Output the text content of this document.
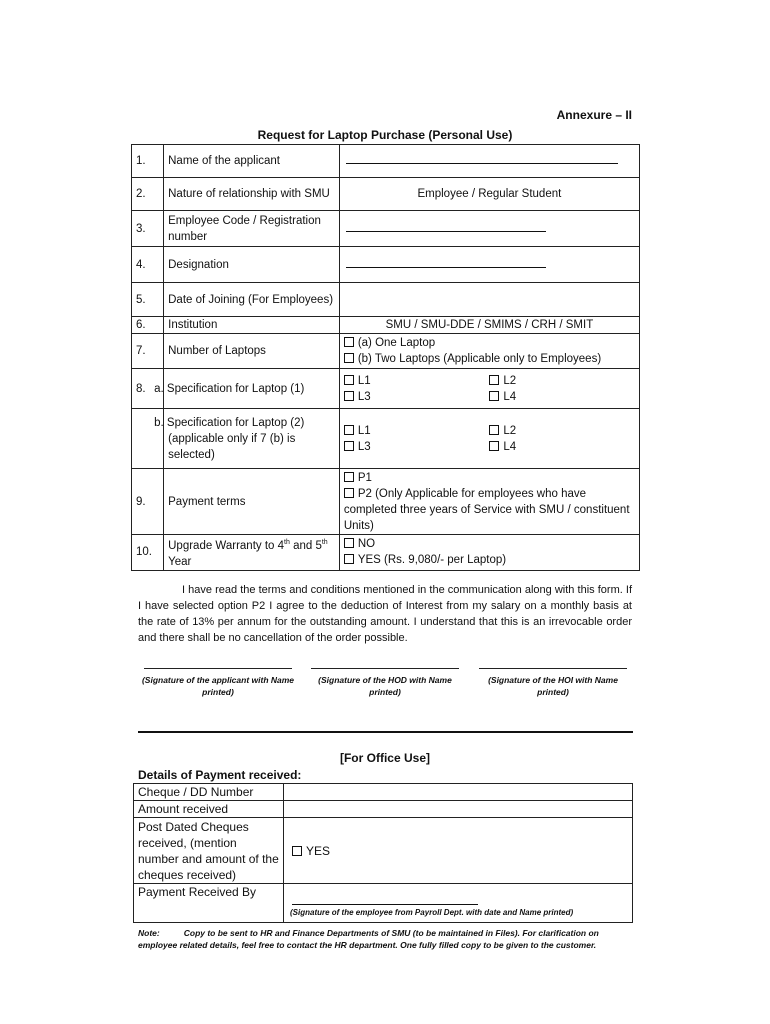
Annexure – II
Request for Laptop Purchase (Personal Use)
1.	Name of the applicant	
2.	Nature of relationship with SMU	Employee / Regular Student
3.	Employee Code / Registration number	
4.	Designation	
5.	Date of Joining (For Employees)	
6.	Institution	SMU / SMU-DDE / SMIMS / CRH / SMIT
7.	Number of Laptops	(a) One Laptop
(b) Two Laptops (Applicable only to Employees)

8.	a. Specification for Laptop (1)	L1 L2
L3 L4

	b. Specification for Laptop (2) (applicable only if 7 (b) is selected)	L1 L2
L3 L4

9.	Payment terms	P1
P2 (Only Applicable for employees who have completed three years of Service with SMU / constituent Units)

10.	Upgrade Warranty to 4th and 5th Year	NO
YES (Rs. 9,080/- per Laptop)

I have read the terms and conditions mentioned in the communication along with this form. If I have selected option P2 I agree to the deduction of Interest from my salary on a monthly basis at the rate of 13% per annum for the outstanding amount. I understand that this is an irrevocable order and there shall be no cancellation of the order possible.

(Signature of the applicant with Name printed)
(Signature of the HOD with Name printed)
(Signature of the HOI with Name printed)
[For Office Use]
Details of Payment received:
Cheque / DD Number	
Amount received	
Post Dated Cheques received, (mention number and amount of the cheques received)	YES
Payment Received By	(Signature of the employee from Payroll Dept. with date and Name printed)
Note:	Copy to be sent to HR and Finance Departments of SMU (to be maintained in Files). For clarification on employee related details, feel free to contact the HR department. One fully filled copy to be given to the customer.
